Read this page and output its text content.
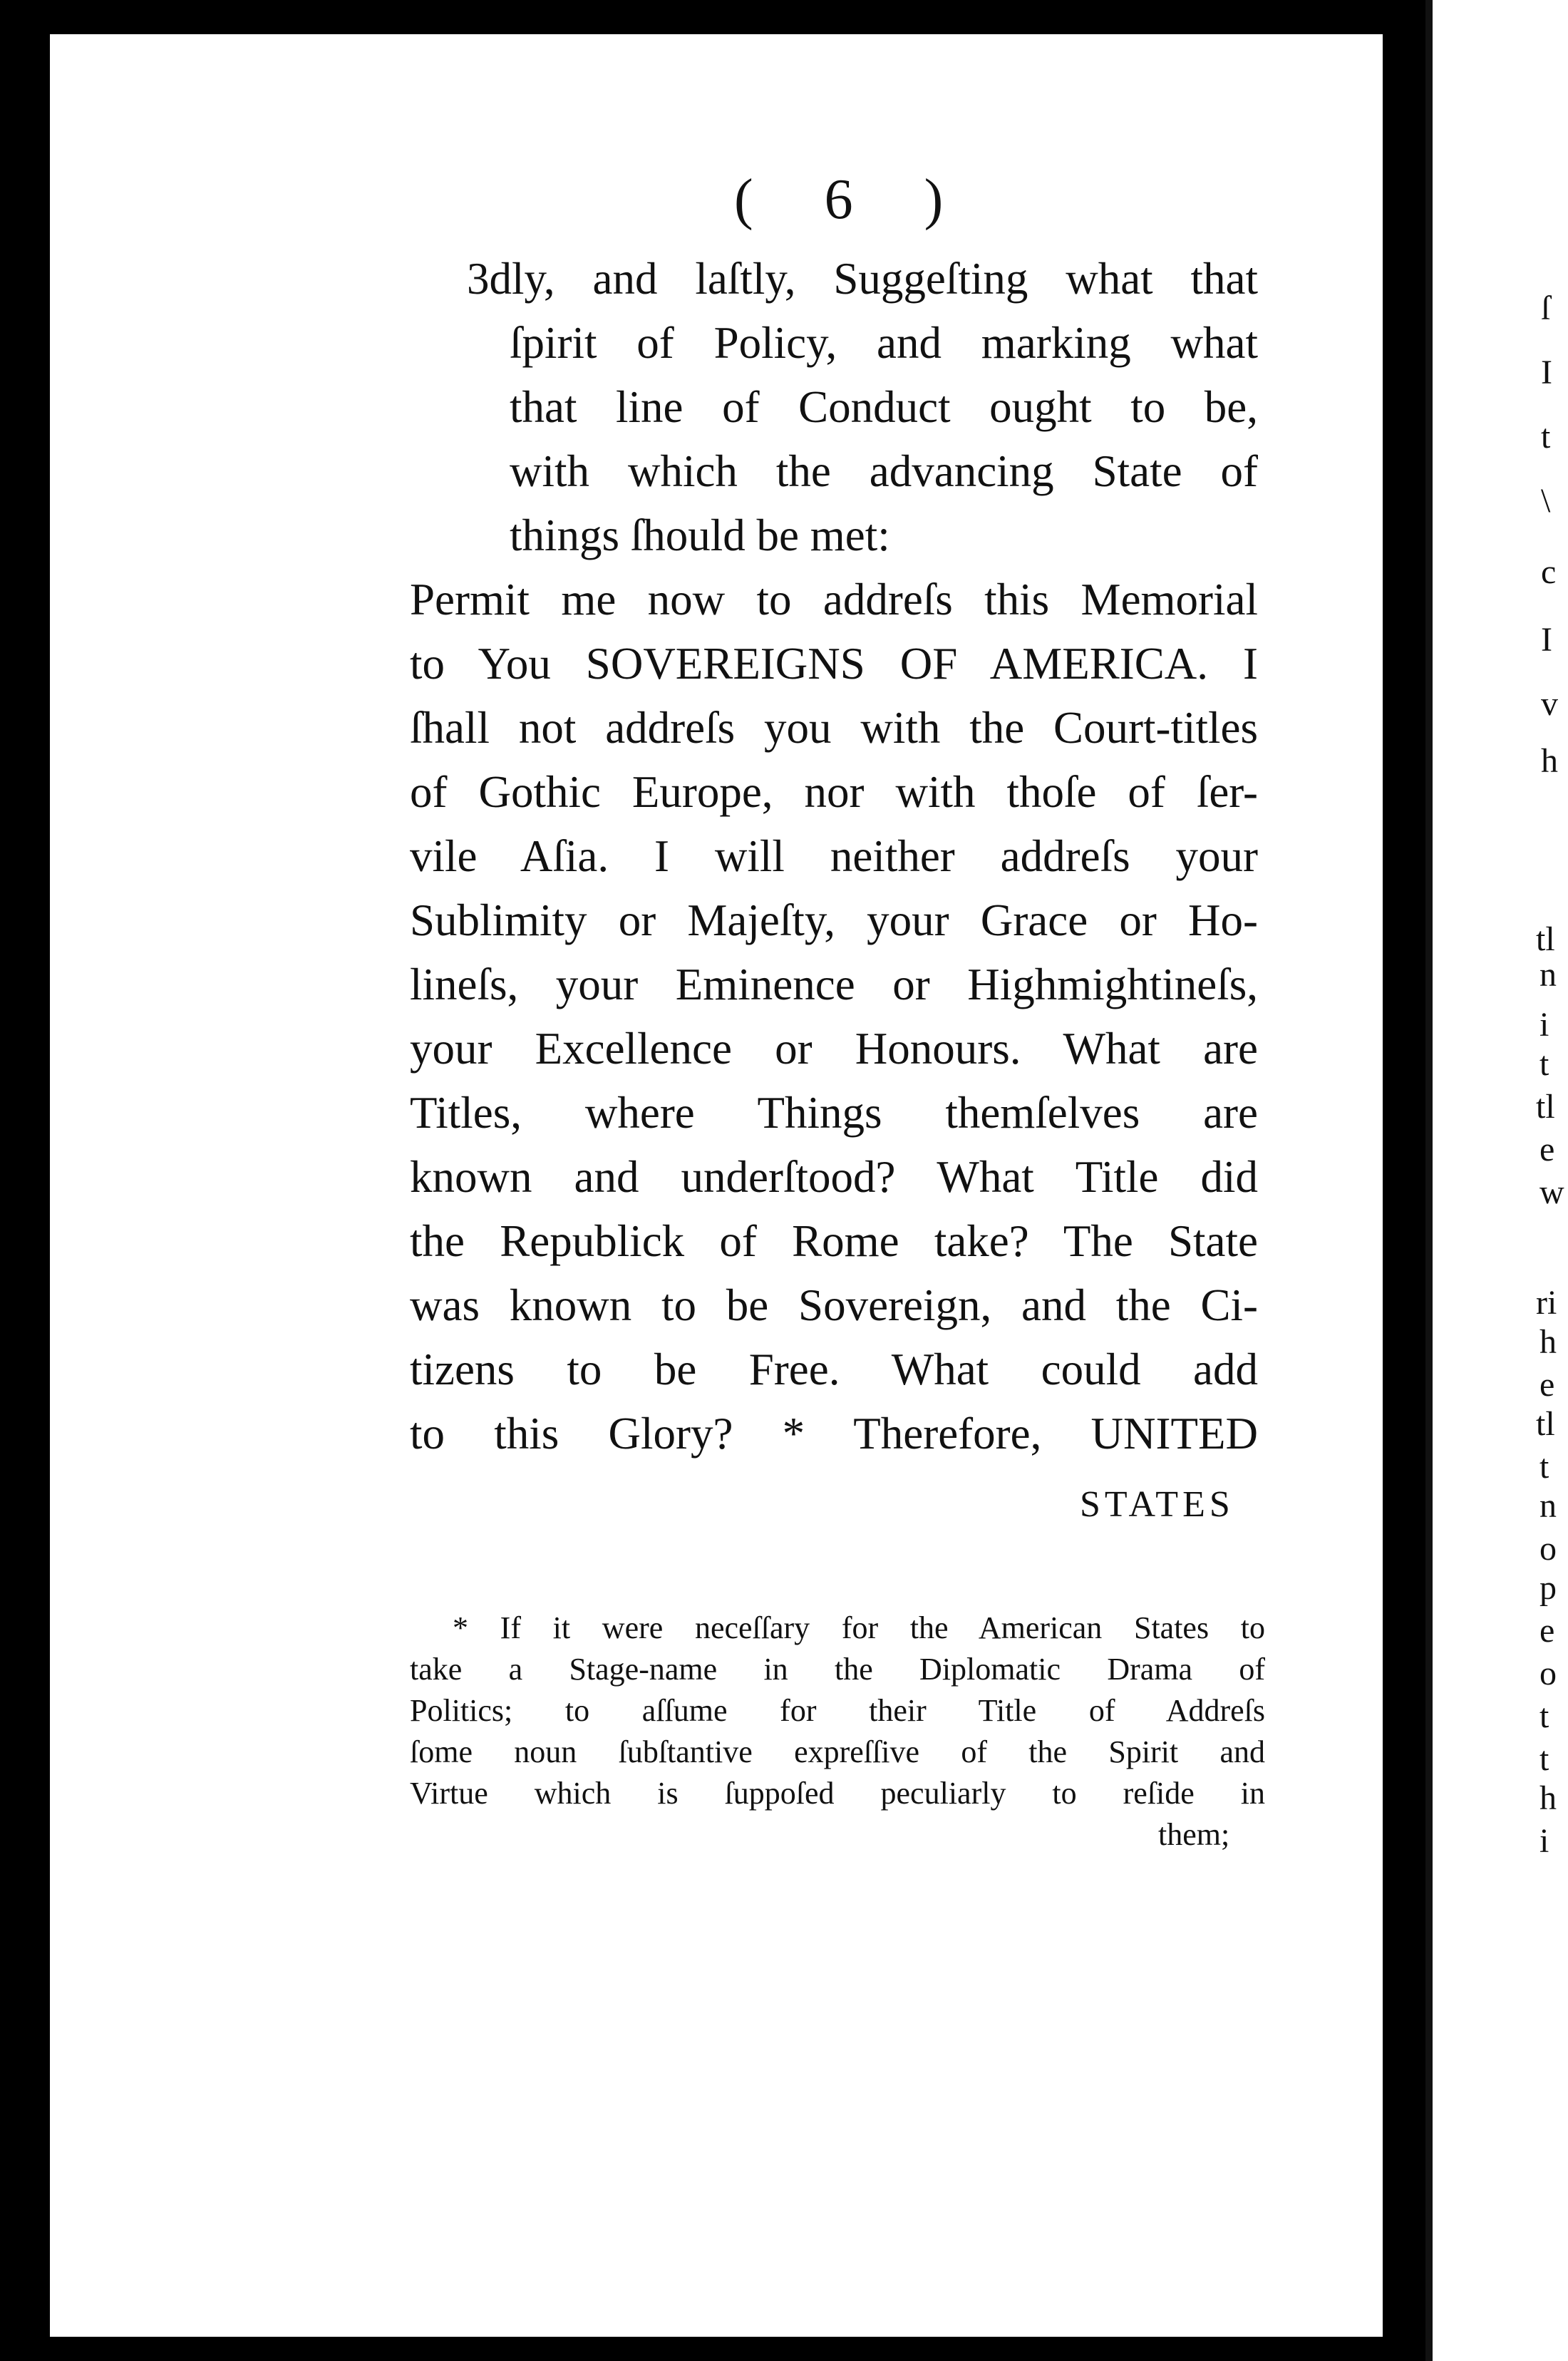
( 6 )
3dly, and laſtly, Suggeſting what that
ſpirit of Policy, and marking what
that line of Conduct ought to be,
with which the advancing State of
things ſhould be met:
Permit me now to addreſs this Memorial
to You SOVEREIGNS OF AMERICA. I
ſhall not addreſs you with the Court-titles
of Gothic Europe, nor with thoſe of ſer-
vile Aſia. I will neither addreſs your
Sublimity or Majeſty, your Grace or Ho-
lineſs, your Eminence or Highmightineſs,
your Excellence or Honours. What are
Titles, where Things themſelves are
known and underſtood? What Title did
the Republick of Rome take? The State
was known to be Sovereign, and the Ci-
tizens to be Free. What could add
to this Glory? * Therefore, UNITED
STATES
* If it were neceſſary for the American States to
take a Stage-name in the Diplomatic Drama of
Politics; to aſſume for their Title of Addreſs
ſome noun ſubſtantive expreſſive of the Spirit and
Virtue which is ſuppoſed peculiarly to reſide in
them;
ſ
I
t
\
c
I
v
h
tl
n
i
t
tl
e
w
ri
h
e
tl
t
n
o
p
e
o
t
t
h
i
